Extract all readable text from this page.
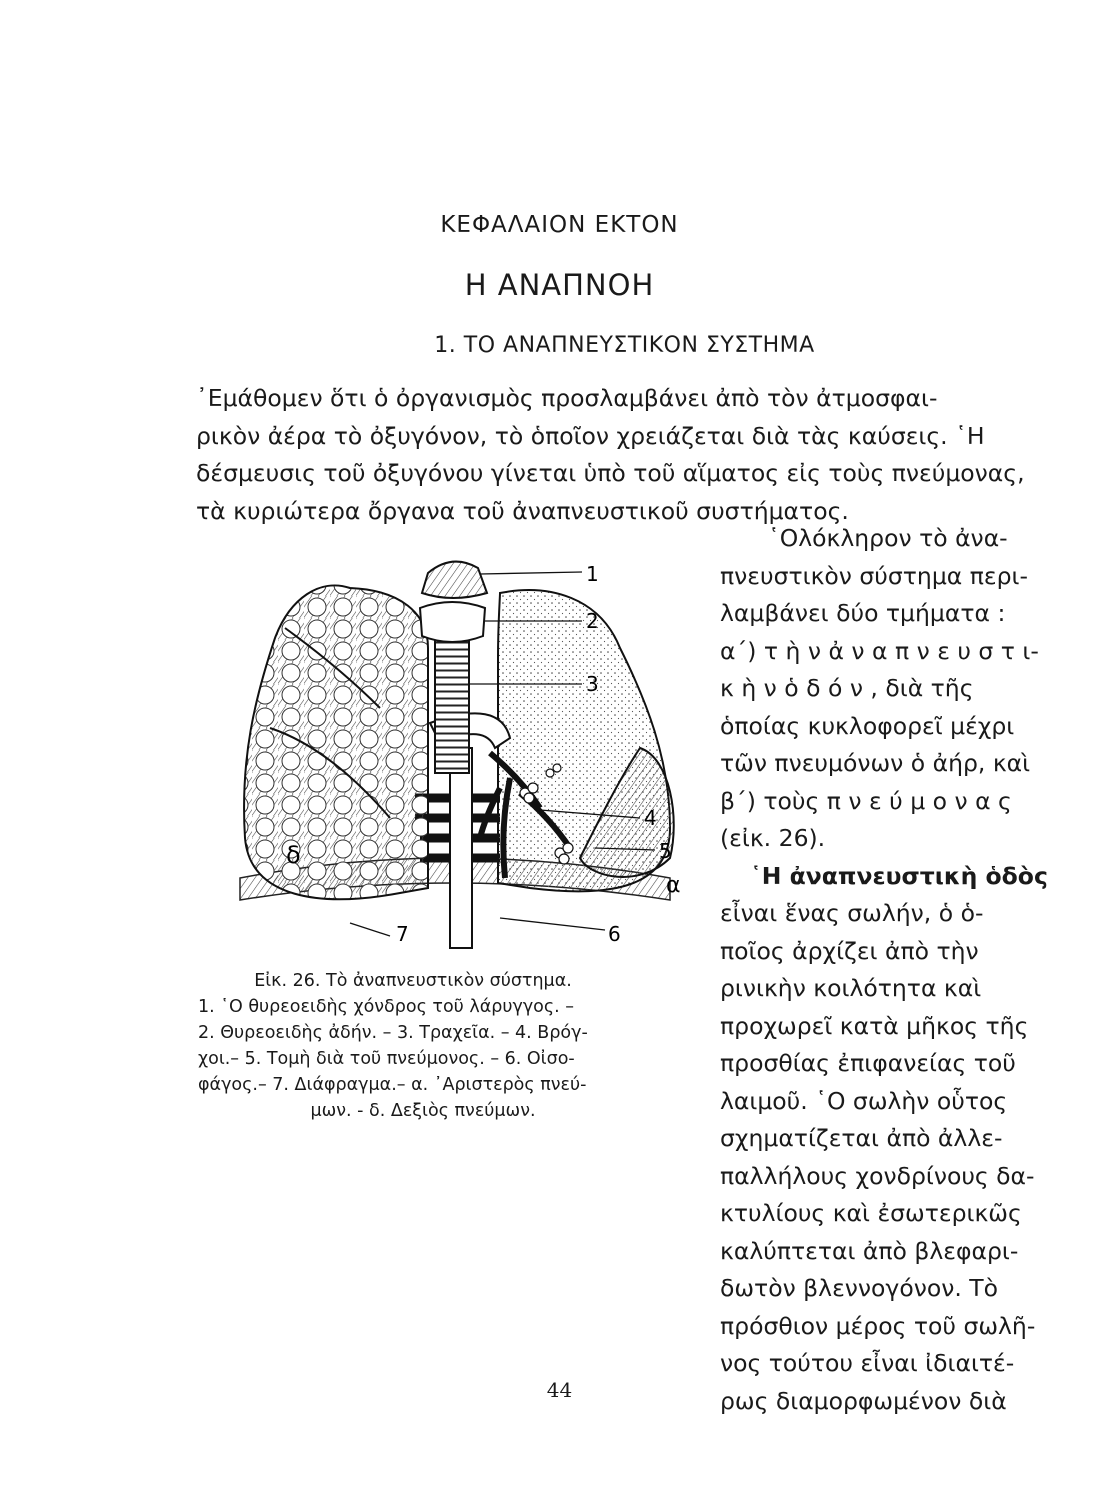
ΚΕΦΑΛΑΙΟΝ ΕΚΤΟΝ
Η ΑΝΑΠΝΟΗ
1. ΤΟ ΑΝΑΠΝΕΥΣΤΙΚΟΝ ΣΥΣΤΗΜΑ
᾿Εμάθομεν ὅτι ὁ ὀργανισμὸς προσλαμβάνει ἀπὸ τὸν ἀτμοσφαι-
ρικὸν ἀέρα τὸ ὀξυγόνον, τὸ ὁποῖον χρειάζεται διὰ τὰς καύσεις. ῾Η
δέσμευσις τοῦ ὀξυγόνου γίνεται ὑπὸ τοῦ αἵματος εἰς τοὺς πνεύμονας,
τὰ κυριώτερα ὄργανα τοῦ ἀναπνευστικοῦ συστήματος.
῾Ολόκληρον τὸ ἀνα-
πνευστικὸν σύστημα περι-
λαμβάνει δύο τμήματα :
α΄) τ ὴ ν ἀ ν α π ν ε υ σ τ ι-
κ ὴ ν ὁ δ ό ν , διὰ τῆς
ὁποίας κυκλοφορεῖ μέχρι
τῶν πνευμόνων ὁ ἀήρ, καὶ
β΄) τοὺς π ν ε ύ μ ο ν α ς
(εἰκ. 26).
῾Η ἀναπνευστικὴ ὁδὸς
εἶναι ἕνας σωλήν, ὁ ὁ-
ποῖος ἀρχίζει ἀπὸ τὴν
ρινικὴν κοιλότητα καὶ
προχωρεῖ κατὰ μῆκος τῆς
προσθίας ἐπιφανείας τοῦ
λαιμοῦ. ῾Ο σωλὴν οὗτος
σχηματίζεται ἀπὸ ἀλλε-
παλλήλους χονδρίνους δα-
κτυλίους καὶ ἐσωτερικῶς
καλύπτεται ἀπὸ βλεφαρι-
δωτὸν βλεννογόνον. Τὸ
πρόσθιον μέρος τοῦ σωλῆ-
νος τούτου εἶναι ἰδιαιτέ-
ρως διαμορφωμένον διὰ
1
2
3
4
5
6
7
α
δ
Εἰκ. 26. Τὸ ἀναπνευστικὸν σύστημα.
1. ῾Ο θυρεοειδὴς χόνδρος τοῦ λάρυγγος. –
2. Θυρεοειδὴς ἀδήν. – 3. Τραχεῖα. – 4. Βρόγ-
χοι.– 5. Τομὴ διὰ τοῦ πνεύμονος. – 6. Οἰσο-
φάγος.– 7. Διάφραγμα.– α. ᾿Αριστερὸς πνεύ-
μων. - δ. Δεξιὸς πνεύμων.
44
